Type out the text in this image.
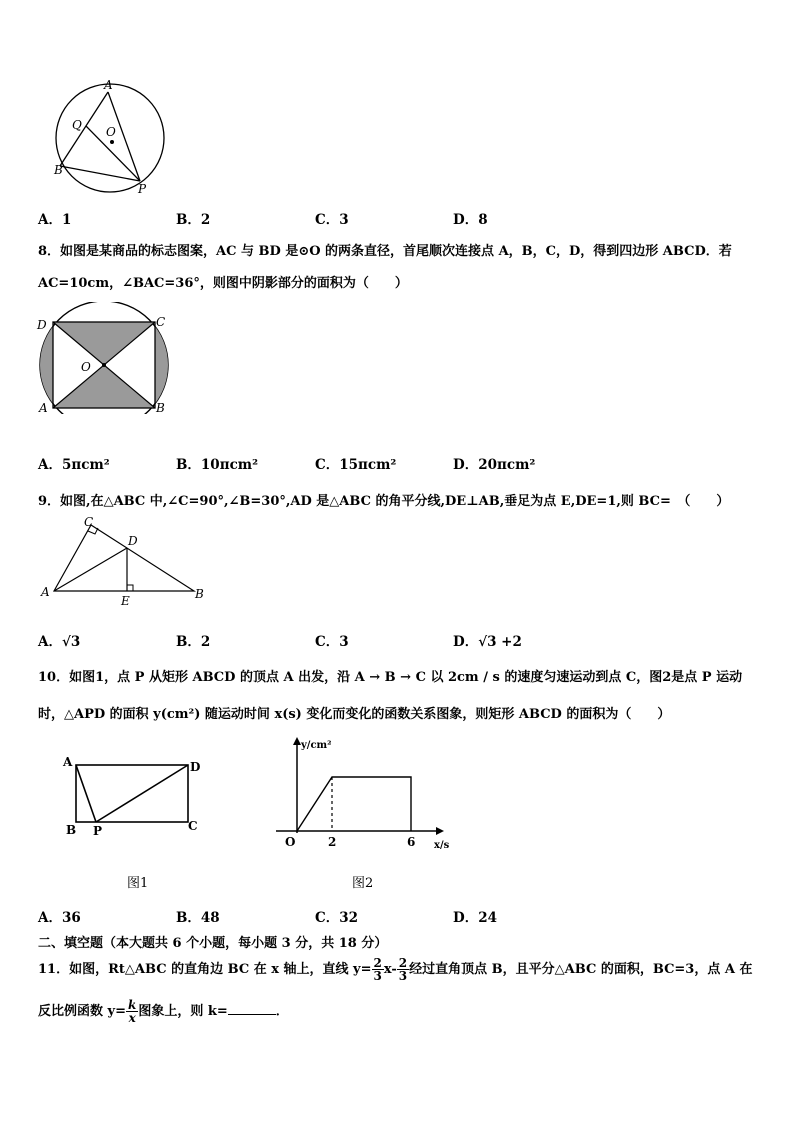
A
Q O
B
P
A．1	B．2	C．3	D．8
8．如图是某商品的标志图案，AC 与 BD 是⊙O 的两条直径，首尾顺次连接点 A，B，C，D，得到四边形 ABCD．若
AC=10cm，∠BAC=36°，则图中阴影部分的面积为（　　）
D	C
O
A	B
A．5πcm²	B．10πcm²	C．15πcm²	D．20πcm²
9．如图,在△ABC 中,∠C=90°,∠B=30°,AD 是△ABC 的角平分线,DE⊥AB,垂足为点 E,DE=1,则 BC=　（　　）
C
D
A
E	B
A．√3	B．2	C．3	D．√3 +2
10．如图1，点 P 从矩形 ABCD 的顶点 A 出发，沿 A → B → C 以 2cm / s 的速度匀速运动到点 C，图2是点 P 运动
时，△APD 的面积 y(cm²) 随运动时间 x(s) 变化而变化的函数关系图象，则矩形 ABCD 的面积为（　　）
A	D
B P	C
y/cm²
O	2	6 x/s
图1	图2
A．36	B．48	C．32	D．24
二、填空题（本大题共 6 个小题，每小题 3 分，共 18 分）
11．如图，Rt△ABC 的直角边 BC 在 x 轴上，直线 $y= \frac{2}{3} x- \frac{2}{3}$ 经过直角顶点 B，且平分△ABC 的面积，BC=3，点 A 在
反比例函数 $y= \frac{k}{x}$ 图象上，则 k=	．
